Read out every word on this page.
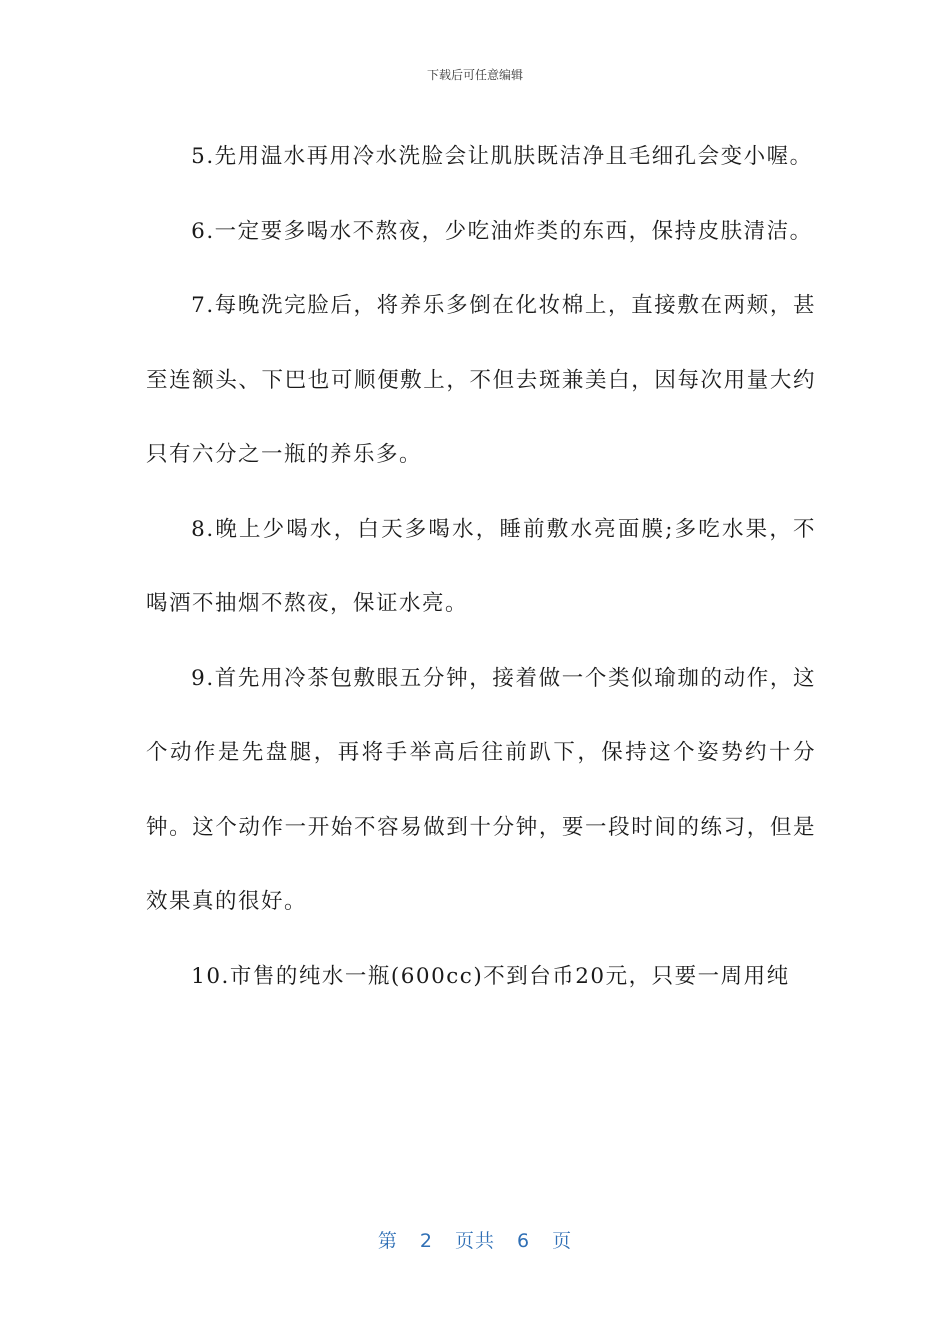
下载后可任意编辑

5.先用温水再用冷水洗脸会让肌肤既洁净且毛细孔会变小喔。

6.一定要多喝水不熬夜，少吃油炸类的东西，保持皮肤清洁。

7.每晚洗完脸后，将养乐多倒在化妆棉上，直接敷在两颊，甚至连额头、下巴也可顺便敷上，不但去斑兼美白，因每次用量大约只有六分之一瓶的养乐多。

8.晚上少喝水，白天多喝水，睡前敷水亮面膜;多吃水果，不喝酒不抽烟不熬夜，保证水亮。

9.首先用冷茶包敷眼五分钟，接着做一个类似瑜珈的动作，这个动作是先盘腿，再将手举高后往前趴下，保持这个姿势约十分钟。这个动作一开始不容易做到十分钟，要一段时间的练习，但是效果真的很好。

10.市售的纯水一瓶(600cc)不到台币20元，只要一周用纯

第 2 页共 6 页
